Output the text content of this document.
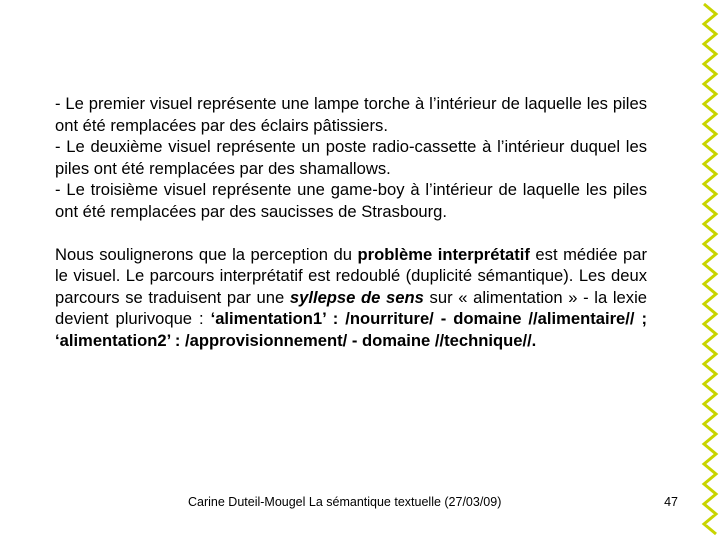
- Le premier visuel représente une lampe torche à l’intérieur de laquelle les piles ont été remplacées par des éclairs pâtissiers.

- Le deuxième visuel représente un poste radio-cassette à l’intérieur duquel les piles ont été remplacées par des shamallows.

- Le troisième visuel représente une game-boy à l’intérieur de laquelle les piles ont été remplacées par des saucisses de Strasbourg.

Nous soulignerons que la perception du problème interprétatif est médiée par le visuel. Le parcours interprétatif est redoublé (duplicité sémantique). Les deux parcours se traduisent par une syllepse de sens sur « alimentation » - la lexie devient plurivoque : ‘alimentation1’ : /nourriture/ - domaine //alimentaire// ; ‘alimentation2’ : /approvisionnement/ - domaine //technique//.

Carine Duteil-Mougel La sémantique textuelle (27/03/09)	47
